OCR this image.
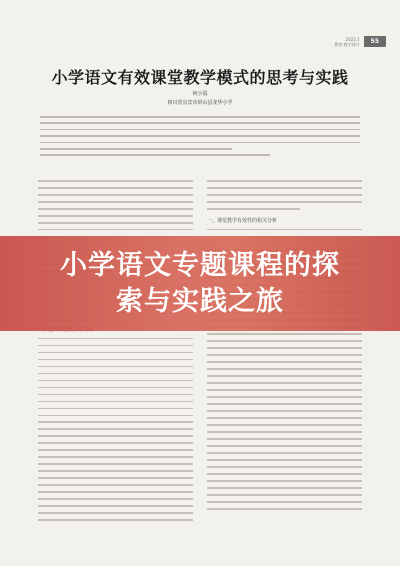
2022.1
教育·教学探讨	55
小学语文有效课堂教学模式的思考与实践
何小霞
四川省宜宾市屏山县龙华小学
一、课堂教学有效性的相关分析
小学语文专题课程的探
索与实践之旅
